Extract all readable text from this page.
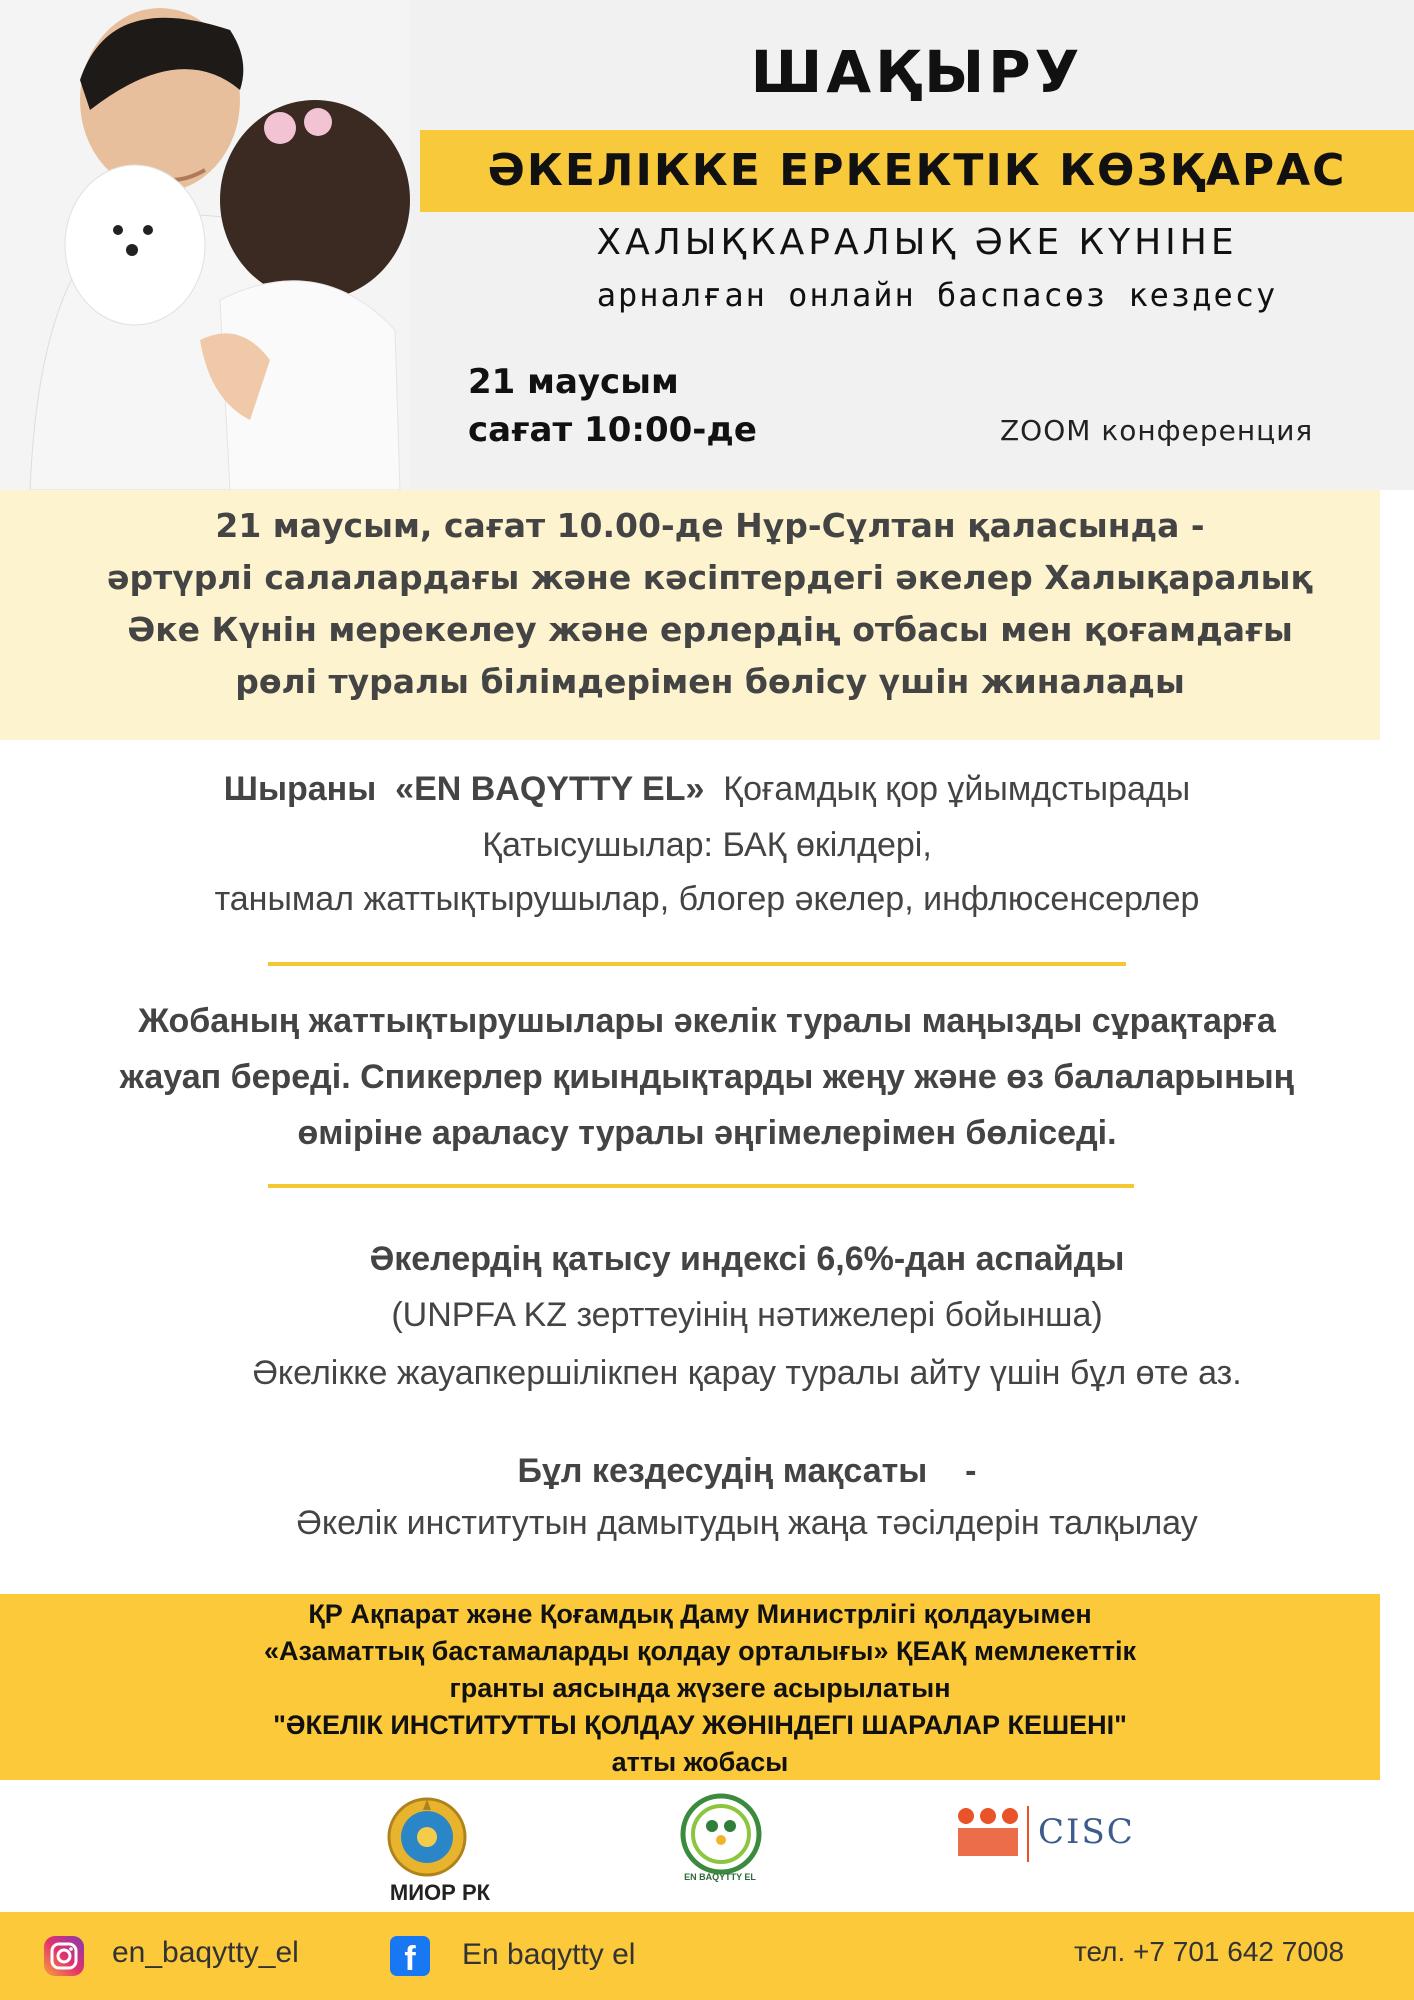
ШАҚЫРУ
ӘКЕЛІККЕ ЕРКЕКТІК КӨЗҚАРАС
ХАЛЫҚКАРАЛЫҚ ӘКЕ КҮНІНЕ
арналған онлайн баспасөз кездесу
21 маусым
сағат 10:00-де	ZOOM конференция
21 маусым, сағат 10.00-де Нұр-Сұлтан қаласында -
әртүрлі салалардағы және кәсіптердегі әкелер Халықаралық
Әке Күнін мерекелеу және ерлердің отбасы мен қоғамдағы
рөлі туралы білімдерімен бөлісу үшін жиналады
Шыраны «EN BAQYTTY EL» Қоғамдық қор ұйымдстырады
Қатысушылар: БАҚ өкілдері,
танымал жаттықтырушылар, блогер әкелер, инфлюсенсерлер
Жобаның жаттықтырушылары әкелік туралы маңызды сұрақтарға
жауап береді. Спикерлер қиындықтарды жеңу және өз балаларының
өміріне араласу туралы әңгімелерімен бөліседі.
Әкелердің қатысу индексі 6,6%-дан аспайды
(UNPFA KZ зерттеуінің нәтижелері бойынша)
Әкелікке жауапкершілікпен қарау туралы айту үшін бұл өте аз.
Бұл кездесудің мақсаты -
Әкелік институтын дамытудың жаңа тәсілдерін талқылау
ҚР Ақпарат және Қоғамдық Даму Министрлігі қолдауымен
«Азаматтық бастамаларды қолдау орталығы» ҚЕАҚ мемлекеттік
гранты аясында жүзеге асырылатын
"ӘКЕЛІК ИНСТИТУТТЫ ҚОЛДАУ ЖӨНІНДЕГІ ШАРАЛАР КЕШЕНІ"
атты жобасы
МИОР РК
EN BAQYTTY EL
CISC
en_baqytty_el	f	En baqytty el	тел. +7 701 642 7008
